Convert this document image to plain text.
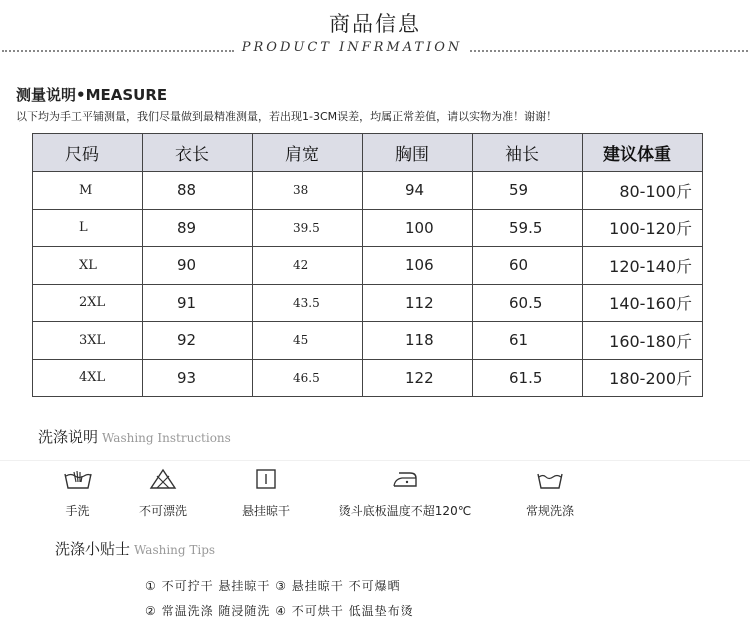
商品信息
PRODUCT INFRMATION
测量说明•MEASURE
以下均为手工平铺测量，我们尽量做到最精准测量，若出现1-3CM误差，均属正常差值，请以实物为准！谢谢！
尺码	衣长	肩宽	胸围	袖长	建议体重
M	88	38	94	59	80-100斤
L	89	39.5	100	59.5	100-120斤
XL	90	42	106	60	120-140斤
2XL	91	43.5	112	60.5	140-160斤
3XL	92	45	118	61	160-180斤
4XL	93	46.5	122	61.5	180-200斤
洗涤说明 Washing Instructions
手洗	不可漂洗	悬挂晾干	烫斗底板温度不超120℃	常规洗涤
洗涤小贴士 Washing Tips
① 不可拧干 悬挂晾干 ③ 悬挂晾干 不可爆晒
② 常温洗涤 随浸随洗 ④ 不可烘干 低温垫布烫
